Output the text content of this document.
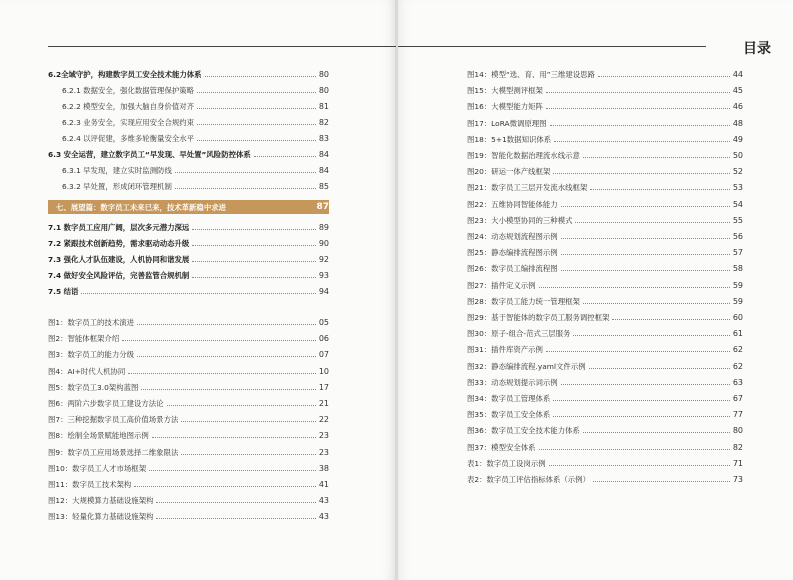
目录
6.2全域守护，构建数字员工安全技术能力体系	80
6.2.1 数据安全，强化数据管理保护策略	80
6.2.2 模型安全，加强大脑自身价值对齐	81
6.2.3 业务安全，实现应用安全合规约束	82
6.2.4 以评促建，多维多轮衡量安全水平	83
6.3 安全运营，建立数字员工“早发现、早处置”风险防控体系	84
6.3.1 早发现，建立实时监测防线	84
6.3.2 早处置，形成闭环管理机制	85
七、展望篇：数字员工未来已来，技术革新稳中求进	87
7.1 数字员工应用广阔，层次多元潜力深远	89
7.2 紧跟技术创新趋势，需求驱动动态升级	90
7.3 强化人才队伍建设，人机协同和谐发展	92
7.4 做好安全风险评估，完善监管合规机制	93
7.5 结语	94
图1：数字员工的技术演进	05
图2：智能体框架介绍	06
图3：数字员工的能力分级	07
图4：AI+时代人机协同	10
图5：数字员工3.0架构蓝图	17
图6：两阶六步数字员工建设方法论	21
图7：三种挖掘数字员工高价值场景方法	22
图8：绘制全场景赋能地图示例	23
图9：数字员工应用场景选择二维象限法	23
图10：数字员工人才市场框架	38
图11：数字员工技术架构	41
图12：大规模算力基础设施架构	43
图13：轻量化算力基础设施架构	43
图14：模型“选、育、用”三维建设思路	44
图15：大模型测评框架	45
图16：大模型能力矩阵	46
图17：LoRA微调原理图	48
图18：5+1数据知识体系	49
图19：智能化数据治理流水线示意	50
图20：研运一体产线框架	52
图21：数字员工三层开发流水线框架	53
图22：五维协同智能体能力	54
图23：大小模型协同的三种模式	55
图24：动态规划流程图示例	56
图25：静态编排流程图示例	57
图26：数字员工编排流程图	58
图27：插件定义示例	59
图28：数字员工能力统一管理框架	59
图29：基于智能体的数字员工服务调控框架	60
图30：原子-组合-范式三层服务	61
图31：插件库资产示例	62
图32：静态编排流程.yaml文件示例	62
图33：动态规划提示词示例	63
图34：数字员工管理体系	67
图35：数字员工安全体系	77
图36：数字员工安全技术能力体系	80
图37：模型安全体系	82
表1：数字员工设岗示例	71
表2：数字员工评估指标体系（示例）	73
